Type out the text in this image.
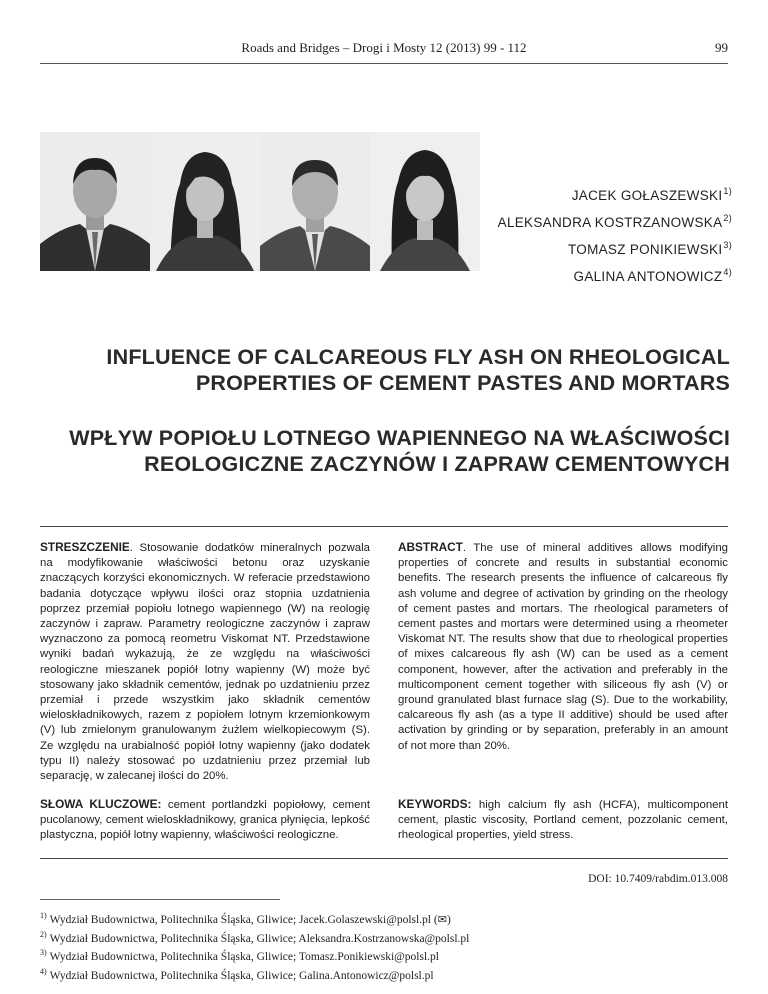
Roads and Bridges – Drogi i Mosty 12 (2013) 99 - 112	99
JACEK GOŁASZEWSKI$^{1)}$
ALEKSANDRA KOSTRZANOWSKA$^{2)}$
TOMASZ PONIKIEWSKI$^{3)}$
GALINA ANTONOWICZ$^{4)}$
INFLUENCE OF CALCAREOUS FLY ASH ON RHEOLOGICAL
PROPERTIES OF CEMENT PASTES AND MORTARS
WPŁYW POPIOŁU LOTNEGO WAPIENNEGO NA WŁAŚCIWOŚCI
REOLOGICZNE ZACZYNÓW I ZAPRAW CEMENTOWYCH
STRESZCZENIE. Stosowanie dodatków mineralnych pozwala na modyfikowanie właściwości betonu oraz uzyskanie znaczących korzyści ekonomicznych. W referacie przedstawiono badania dotyczące wpływu ilości oraz stopnia uzdatnienia poprzez przemiał popiołu lotnego wapiennego (W) na reologię zaczynów i zapraw. Parametry reologiczne zaczynów i zapraw wyznaczono za pomocą reometru Viskomat NT. Przedstawione wyniki badań wykazują, że ze względu na właściwości reologiczne mieszanek popiół lotny wapienny (W) może być stosowany jako składnik cementów, jednak po uzdatnieniu przez przemiał i przede wszystkim jako składnik cementów wieloskładnikowych, razem z popiołem lotnym krzemionkowym (V) lub zmielonym granulowanym żużlem wielkopiecowym (S). Ze względu na urabialność popiół lotny wapienny (jako dodatek typu II) należy stosować po uzdatnieniu przez przemiał lub separację, w zalecanej ilości do 20%.
ABSTRACT. The use of mineral additives allows modifying properties of concrete and results in substantial economic benefits. The research presents the influence of calcareous fly ash volume and degree of activation by grinding on the rheology of cement pastes and mortars. The rheological parameters of cement pastes and mortars were determined using a rheometer Viskomat NT. The results show that due to rheological properties of mixes calcareous fly ash (W) can be used as a cement component, however, after the activation and preferably in the multicomponent cement together with siliceous fly ash (V) or ground granulated blast furnace slag (S). Due to the workability, calcareous fly ash (as a type II additive) should be used after activation by grinding or by separation, preferably in an amount of not more than 20%.
SŁOWA KLUCZOWE: cement portlandzki popiołowy, cement pucolanowy, cement wieloskładnikowy, granica płynięcia, lepkość plastyczna, popiół lotny wapienny, właściwości reologiczne.
KEYWORDS: high calcium fly ash (HCFA), multicomponent cement, plastic viscosity, Portland cement, pozzolanic cement, rheological properties, yield stress.
DOI: 10.7409/rabdim.013.008
$^{1)}$ Wydział Budownictwa, Politechnika Śląska, Gliwice; Jacek.Golaszewski@polsl.pl (✉)
$^{2)}$ Wydział Budownictwa, Politechnika Śląska, Gliwice; Aleksandra.Kostrzanowska@polsl.pl
$^{3)}$ Wydział Budownictwa, Politechnika Śląska, Gliwice; Tomasz.Ponikiewski@polsl.pl
$^{4)}$ Wydział Budownictwa, Politechnika Śląska, Gliwice; Galina.Antonowicz@polsl.pl
